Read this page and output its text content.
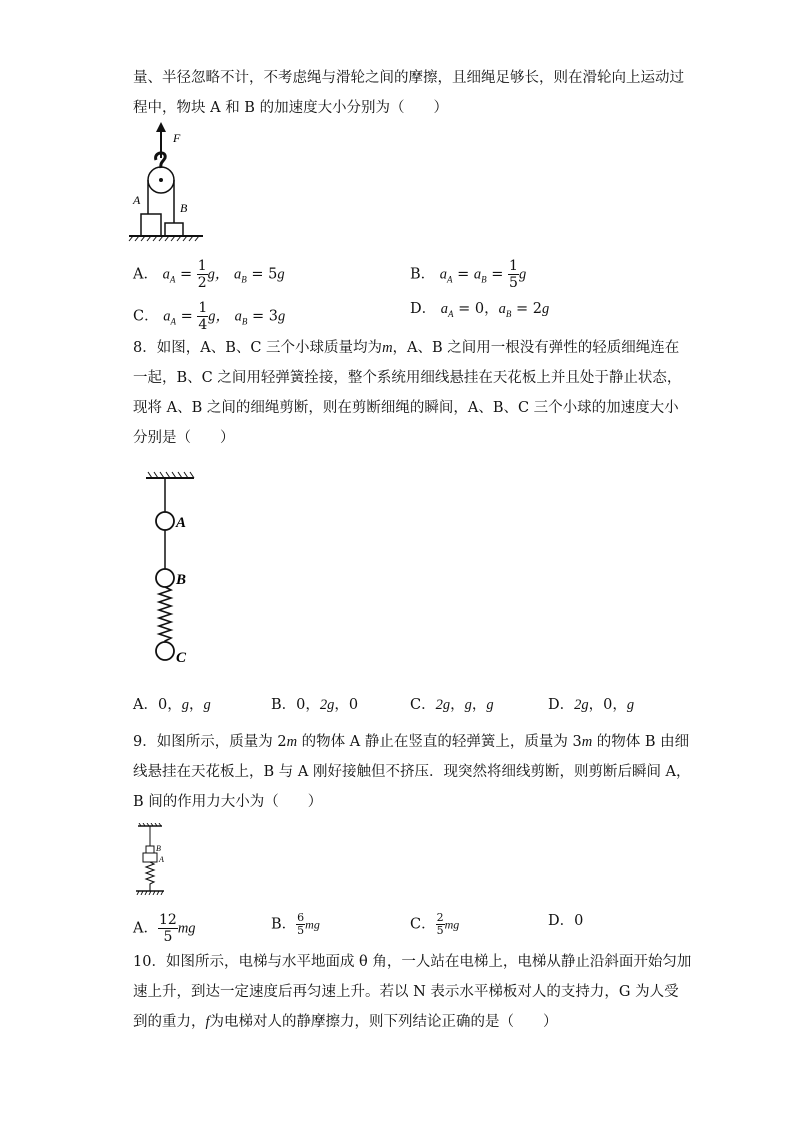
量、半径忽略不计，不考虑绳与滑轮之间的摩擦，且细绳足够长，则在滑轮向上运动过
程中，物块 A 和 B 的加速度大小分别为（　　）
F
A
B
A． $a_A = \frac{1}{2}$ g， $a_B = 5g$	B． $a_A = a_B = \frac{1}{5}$ g
C． $a_A = \frac{1}{4}$ g， $a_B = 3g$	D． $a_A = 0$，$a_B = 2g$
8．如图，A、B、C 三个小球质量均为m，A、B 之间用一根没有弹性的轻质细绳连在
一起，B、C 之间用轻弹簧拴接，整个系统用细线悬挂在天花板上并且处于静止状态，
现将 A、B 之间的细绳剪断，则在剪断细绳的瞬间，A、B、C 三个小球的加速度大小
分别是（　　）
A
B
C
A．0，g，g	B．0，2g，0	C．2g，g，g	D．2g，0，g
9．如图所示，质量为 2m 的物体 A 静止在竖直的轻弹簧上，质量为 3m 的物体 B 由细
线悬挂在天花板上，B 与 A 刚好接触但不挤压．现突然将细线剪断，则剪断后瞬间 A，
B 间的作用力大小为（　　）
B
A
A． $\frac{12}{5}$ mg	B． $\frac{6}{5}$ mg	C． $\frac{2}{5}$ mg	D．0
10．如图所示，电梯与水平地面成 θ 角，一人站在电梯上，电梯从静止沿斜面开始匀加
速上升，到达一定速度后再匀速上升。若以 N 表示水平梯板对人的支持力，G 为人受
到的重力，f为电梯对人的静摩擦力，则下列结论正确的是（　　）
